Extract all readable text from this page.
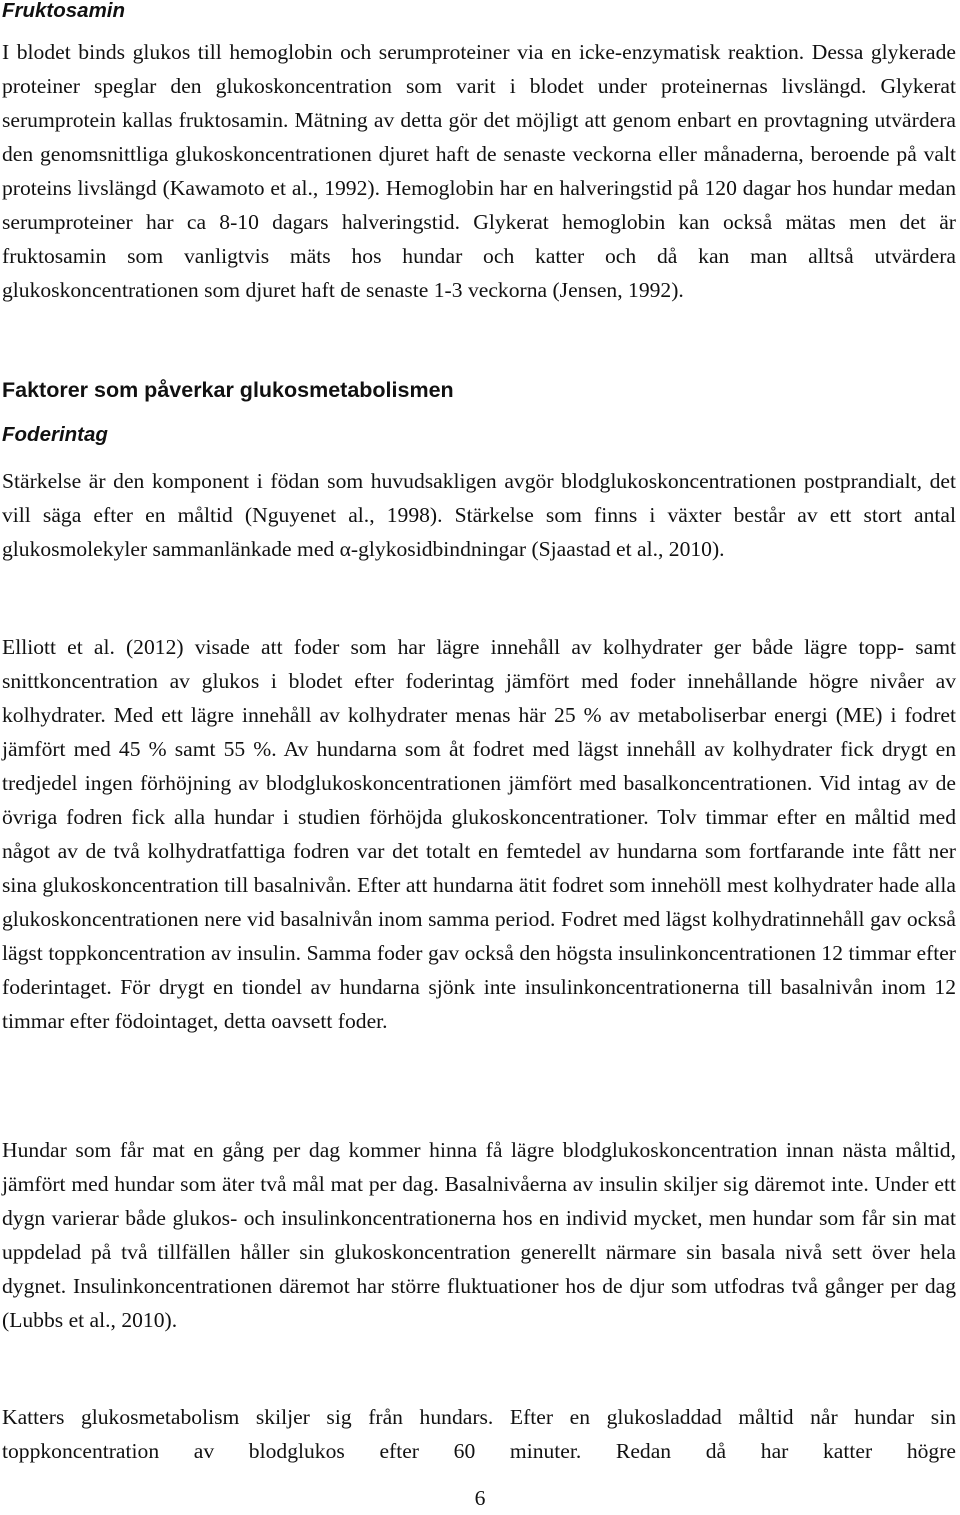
Fruktosamin

I blodet binds glukos till hemoglobin och serumproteiner via en icke-enzymatisk reaktion. Dessa glykerade proteiner speglar den glukoskoncentration som varit i blodet under proteinernas livslängd. Glykerat serumprotein kallas fruktosamin. Mätning av detta gör det möjligt att genom enbart en provtagning utvärdera den genomsnittliga glukoskoncentrationen djuret haft de senaste veckorna eller månaderna, beroende på valt proteins livslängd (Kawamoto et al., 1992). Hemoglobin har en halveringstid på 120 dagar hos hundar medan serumproteiner har ca 8-10 dagars halveringstid. Glykerat hemoglobin kan också mätas men det är fruktosamin som vanligtvis mäts hos hundar och katter och då kan man alltså utvärdera glukoskoncentrationen som djuret haft de senaste 1-3 veckorna (Jensen, 1992).

Faktorer som påverkar glukosmetabolismen
Foderintag

Stärkelse är den komponent i födan som huvudsakligen avgör blodglukoskoncentrationen postprandialt, det vill säga efter en måltid (Nguyenet al., 1998). Stärkelse som finns i växter består av ett stort antal glukosmolekyler sammanlänkade med α-glykosidbindningar (Sjaastad et al., 2010).

Elliott et al. (2012) visade att foder som har lägre innehåll av kolhydrater ger både lägre topp- samt snittkoncentration av glukos i blodet efter foderintag jämfört med foder innehållande högre nivåer av kolhydrater. Med ett lägre innehåll av kolhydrater menas här 25 % av metaboliserbar energi (ME) i fodret jämfört med 45 % samt 55 %. Av hundarna som åt fodret med lägst innehåll av kolhydrater fick drygt en tredjedel ingen förhöjning av blodglukoskoncentrationen jämfört med basalkoncentrationen. Vid intag av de övriga fodren fick alla hundar i studien förhöjda glukoskoncentrationer. Tolv timmar efter en måltid med något av de två kolhydratfattiga fodren var det totalt en femtedel av hundarna som fortfarande inte fått ner sina glukoskoncentration till basalnivån. Efter att hundarna ätit fodret som innehöll mest kolhydrater hade alla glukoskoncentrationen nere vid basalnivån inom samma period. Fodret med lägst kolhydratinnehåll gav också lägst toppkoncentration av insulin. Samma foder gav också den högsta insulinkoncentrationen 12 timmar efter foderintaget. För drygt en tiondel av hundarna sjönk inte insulinkoncentrationerna till basalnivån inom 12 timmar efter födointaget, detta oavsett foder.

Hundar som får mat en gång per dag kommer hinna få lägre blodglukoskoncentration innan nästa måltid, jämfört med hundar som äter två mål mat per dag. Basalnivåerna av insulin skiljer sig däremot inte. Under ett dygn varierar både glukos- och insulinkoncentrationerna hos en individ mycket, men hundar som får sin mat uppdelad på två tillfällen håller sin glukoskoncentration generellt närmare sin basala nivå sett över hela dygnet. Insulinkoncentrationen däremot har större fluktuationer hos de djur som utfodras två gånger per dag (Lubbs et al., 2010).

Katters glukosmetabolism skiljer sig från hundars. Efter en glukosladdad måltid når hundar sin toppkoncentration av blodglukos efter 60 minuter. Redan då har katter högre

6
